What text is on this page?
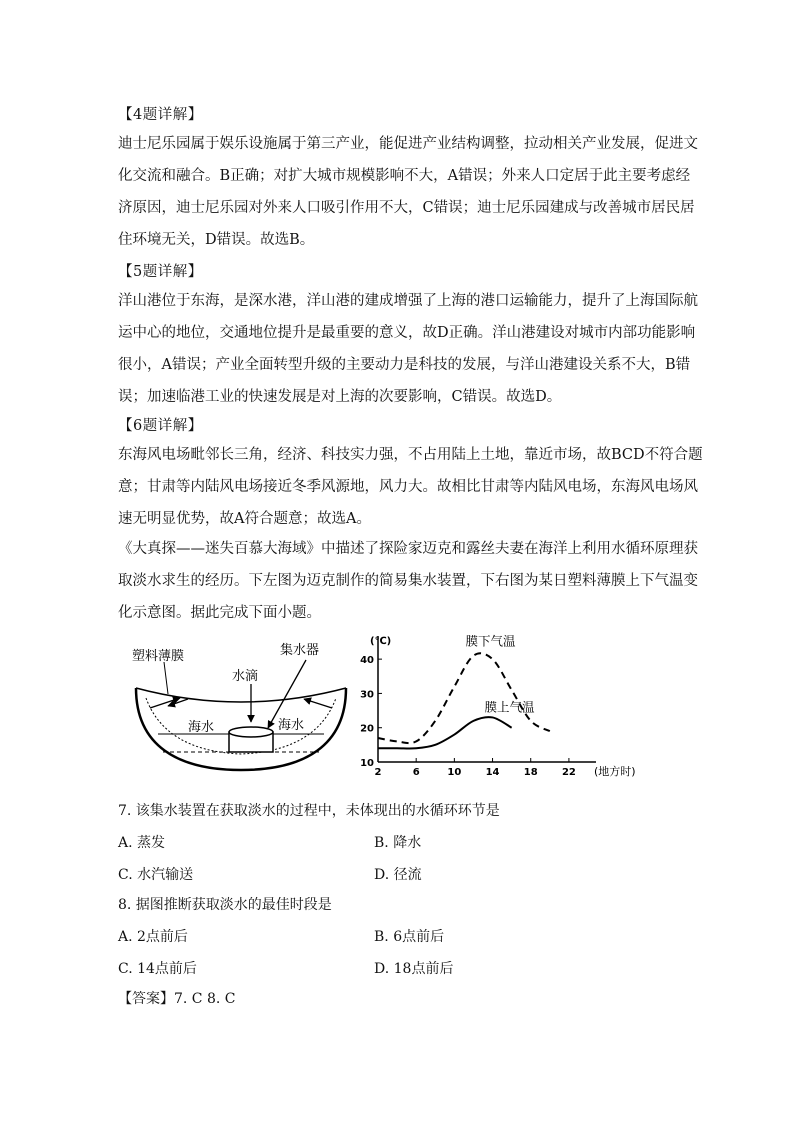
【4题详解】
迪士尼乐园属于娱乐设施属于第三产业，能促进产业结构调整，拉动相关产业发展，促进文
化交流和融合。B正确；对扩大城市规模影响不大，A错误；外来人口定居于此主要考虑经
济原因，迪士尼乐园对外来人口吸引作用不大，C错误；迪士尼乐园建成与改善城市居民居
住环境无关，D错误。故选B。
【5题详解】
洋山港位于东海，是深水港，洋山港的建成增强了上海的港口运输能力，提升了上海国际航
运中心的地位，交通地位提升是最重要的意义，故D正确。洋山港建设对城市内部功能影响
很小，A错误；产业全面转型升级的主要动力是科技的发展，与洋山港建设关系不大，B错
误；加速临港工业的快速发展是对上海的次要影响，C错误。故选D。
【6题详解】
东海风电场毗邻长三角，经济、科技实力强，不占用陆上土地，靠近市场，故BCD不符合题
意；甘肃等内陆风电场接近冬季风源地，风力大。故相比甘肃等内陆风电场，东海风电场风
速无明显优势，故A符合题意；故选A。
《大真探——迷失百慕大海域》中描述了探险家迈克和露丝夫妻在海洋上利用水循环原理获
取淡水求生的经历。下左图为迈克制作的简易集水装置，下右图为某日塑料薄膜上下气温变
化示意图。据此完成下面小题。
塑料薄膜	集水器
水滴
海水	海水
10
20
30
40
2	6	10 14 18 22
(℃)
(地方时)
膜下气温
膜上气温
7. 该集水装置在获取淡水的过程中，未体现出的水循环环节是
A. 蒸发	B. 降水
C. 水汽输送	D. 径流
8. 据图推断获取淡水的最佳时段是
A. 2点前后	B. 6点前后
C. 14点前后	D. 18点前后
【答案】7. C 8. C
